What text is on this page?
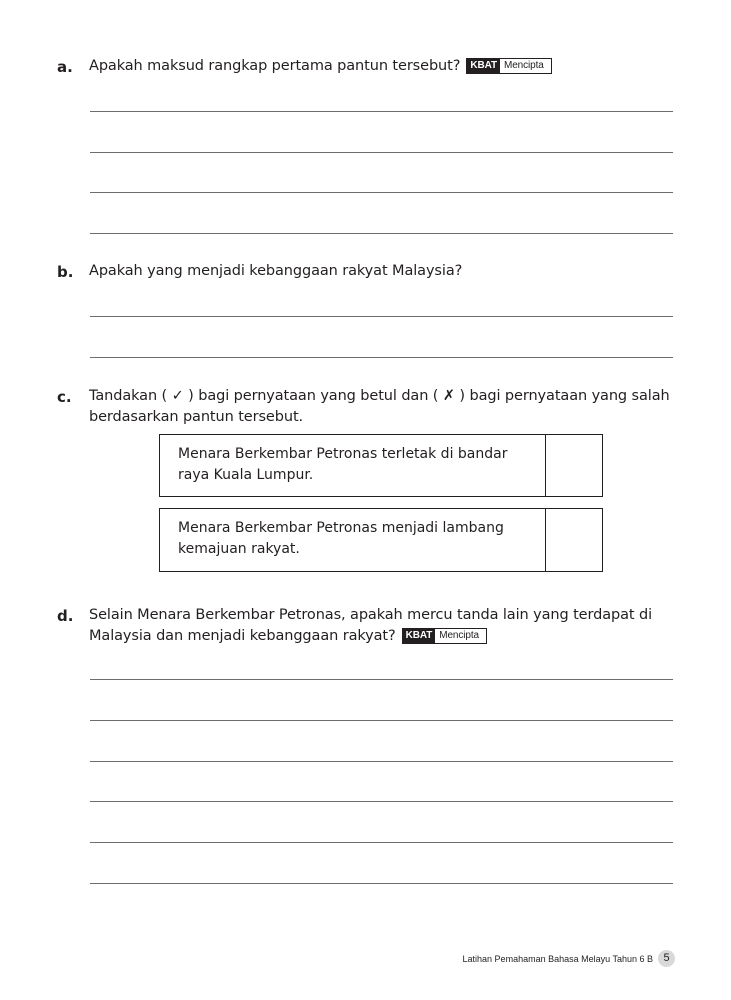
a. Apakah maksud rangkap pertama pantun tersebut?	KBAT Mencipta
b. Apakah yang menjadi kebanggaan rakyat Malaysia?
c. Tandakan ( ✓ ) bagi pernyataan yang betul dan ( ✗ ) bagi pernyataan yang salah berdasarkan pantun tersebut.
Menara Berkembar Petronas terletak di bandar raya Kuala Lumpur.
Menara Berkembar Petronas menjadi lambang kemajuan rakyat.
d. Selain Menara Berkembar Petronas, apakah mercu tanda lain yang terdapat di Malaysia dan menjadi kebanggaan rakyat?	KBAT Mencipta
Latihan Pemahaman Bahasa Melayu Tahun 6 B 5
